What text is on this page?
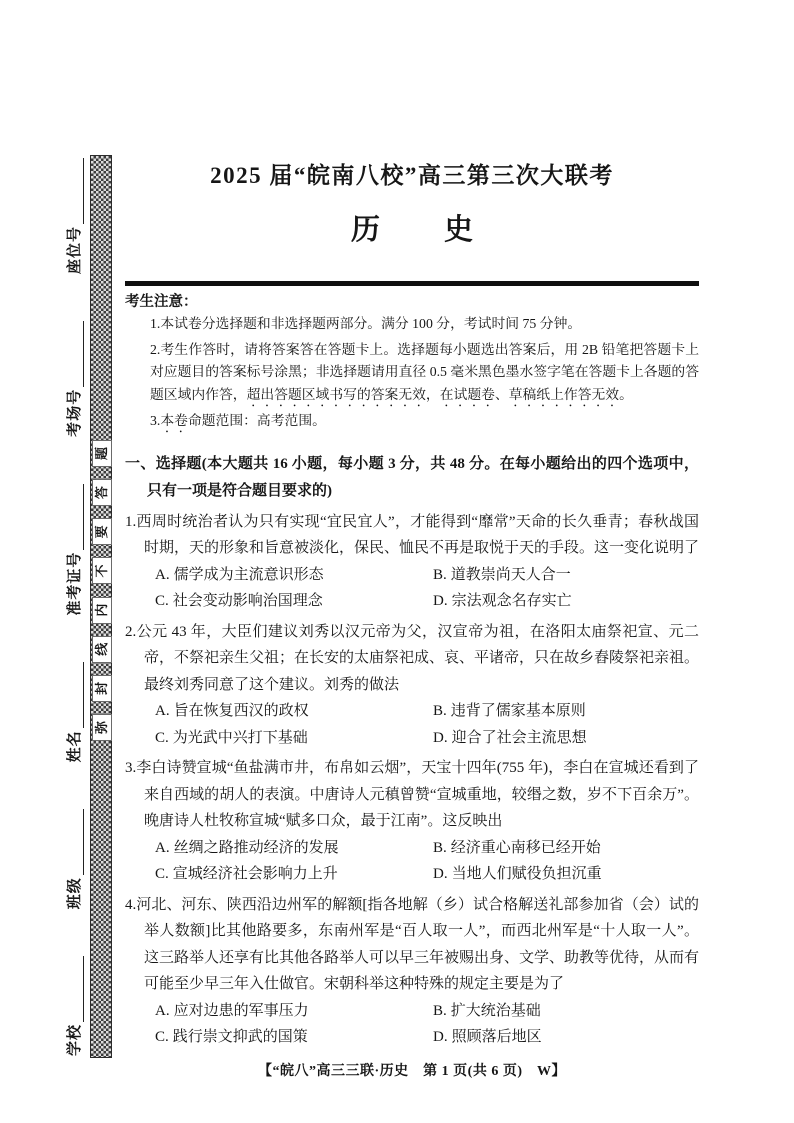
弥
封
线
内
不
要
答
题
学校
班级
姓名
准考证号
考场号
座位号
2025 届“皖南八校”高三第三次大联考
历 史
考生注意：
1.本试卷分选择题和非选择题两部分。满分 100 分，考试时间 75 分钟。
2.考生作答时，请将答案答在答题卡上。选择题每小题选出答案后，用 2B 铅笔把答题卡上对应题目的答案标号涂黑；非选择题请用直径 0.5 毫米黑色墨水签字笔在答题卡上各题的答题区域内作答，超出答题区域书写的答案无效，在试题卷、草稿纸上作答无效。
3.本卷命题范围：高考范围。
一、选择题(本大题共 16 小题，每小题 3 分，共 48 分。在每小题给出的四个选项中，只有一项是符合题目要求的)
1.西周时统治者认为只有实现“宜民宜人”，才能得到“靡常”天命的长久垂青；春秋战国时期，天的形象和旨意被淡化，保民、恤民不再是取悦于天的手段。这一变化说明了
A. 儒学成为主流意识形态	B. 道教崇尚天人合一
C. 社会变动影响治国理念	D. 宗法观念名存实亡
2.公元 43 年，大臣们建议刘秀以汉元帝为父，汉宣帝为祖，在洛阳太庙祭祀宣、元二帝，不祭祀亲生父祖；在长安的太庙祭祀成、哀、平诸帝，只在故乡舂陵祭祀亲祖。最终刘秀同意了这个建议。刘秀的做法
A. 旨在恢复西汉的政权	B. 违背了儒家基本原则
C. 为光武中兴打下基础	D. 迎合了社会主流思想
3.李白诗赞宣城“鱼盐满市井，布帛如云烟”，天宝十四年(755 年)，李白在宣城还看到了来自西域的胡人的表演。中唐诗人元稹曾赞“宣城重地，较缗之数，岁不下百余万”。晚唐诗人杜牧称宣城“赋多口众，最于江南”。这反映出
A. 丝绸之路推动经济的发展	B. 经济重心南移已经开始
C. 宣城经济社会影响力上升	D. 当地人们赋役负担沉重
4.河北、河东、陕西沿边州军的解额[指各地解（乡）试合格解送礼部参加省（会）试的举人数额]比其他路要多，东南州军是“百人取一人”，而西北州军是“十人取一人”。这三路举人还享有比其他各路举人可以早三年被赐出身、文学、助教等优待，从而有可能至少早三年入仕做官。宋朝科举这种特殊的规定主要是为了
A. 应对边患的军事压力	B. 扩大统治基础
C. 践行崇文抑武的国策	D. 照顾落后地区
【“皖八”高三三联·历史　第 1 页(共 6 页)　W】
